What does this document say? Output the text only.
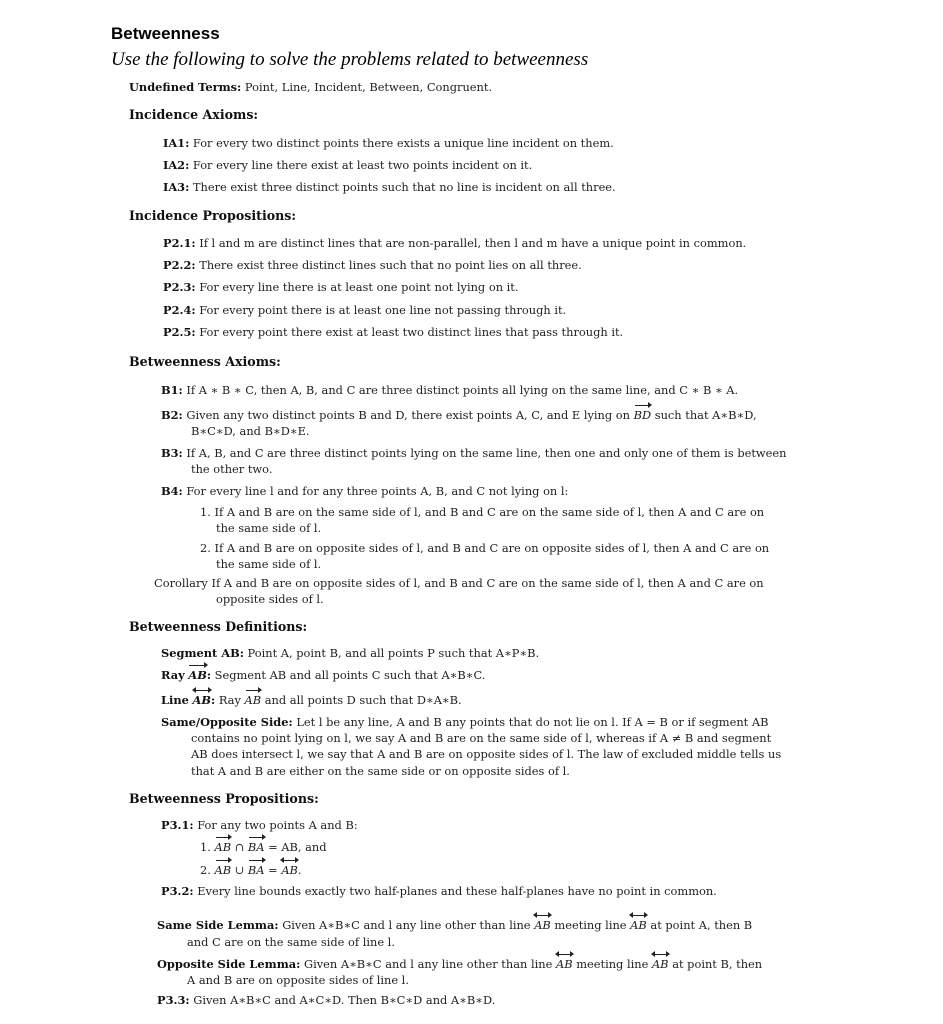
Betweenness
Use the following to solve the problems related to betweenness
Undefined Terms: Point, Line, Incident, Between, Congruent.
Incidence Axioms:
IA1: For every two distinct points there exists a unique line incident on them.
IA2: For every line there exist at least two points incident on it.
IA3: There exist three distinct points such that no line is incident on all three.
Incidence Propositions:
P2.1: If l and m are distinct lines that are non-parallel, then l and m have a unique point in common.
P2.2: There exist three distinct lines such that no point lies on all three.
P2.3: For every line there is at least one point not lying on it.
P2.4: For every point there is at least one line not passing through it.
P2.5: For every point there exist at least two distinct lines that pass through it.
Betweenness Axioms:
B1: If A ∗ B ∗ C, then A, B, and C are three distinct points all lying on the same line, and C ∗ B ∗ A.
B2: Given any two distinct points B and D, there exist points A, C, and E lying on BD such that A∗B∗D,
B∗C∗D, and B∗D∗E.
B3: If A, B, and C are three distinct points lying on the same line, then one and only one of them is between
the other two.
B4: For every line l and for any three points A, B, and C not lying on l:
1. If A and B are on the same side of l, and B and C are on the same side of l, then A and C are on
the same side of l.
2. If A and B are on opposite sides of l, and B and C are on opposite sides of l, then A and C are on
the same side of l.
Corollary If A and B are on opposite sides of l, and B and C are on the same side of l, then A and C are on
opposite sides of l.
Betweenness Definitions:
Segment AB: Point A, point B, and all points P such that A∗P∗B.
Ray AB: Segment AB and all points C such that A∗B∗C.
Line AB: Ray AB and all points D such that D∗A∗B.
Same/Opposite Side: Let l be any line, A and B any points that do not lie on l. If A = B or if segment AB
contains no point lying on l, we say A and B are on the same side of l, whereas if A ≠ B and segment
AB does intersect l, we say that A and B are on opposite sides of l. The law of excluded middle tells us
that A and B are either on the same side or on opposite sides of l.
Betweenness Propositions:
P3.1: For any two points A and B:
1. AB ∩ BA = AB, and
2. AB ∪ BA = AB.
P3.2: Every line bounds exactly two half-planes and these half-planes have no point in common.
Same Side Lemma: Given A∗B∗C and l any line other than line AB meeting line AB at point A, then B
and C are on the same side of line l.
Opposite Side Lemma: Given A∗B∗C and l any line other than line AB meeting line AB at point B, then
A and B are on opposite sides of line l.
P3.3: Given A∗B∗C and A∗C∗D. Then B∗C∗D and A∗B∗D.
